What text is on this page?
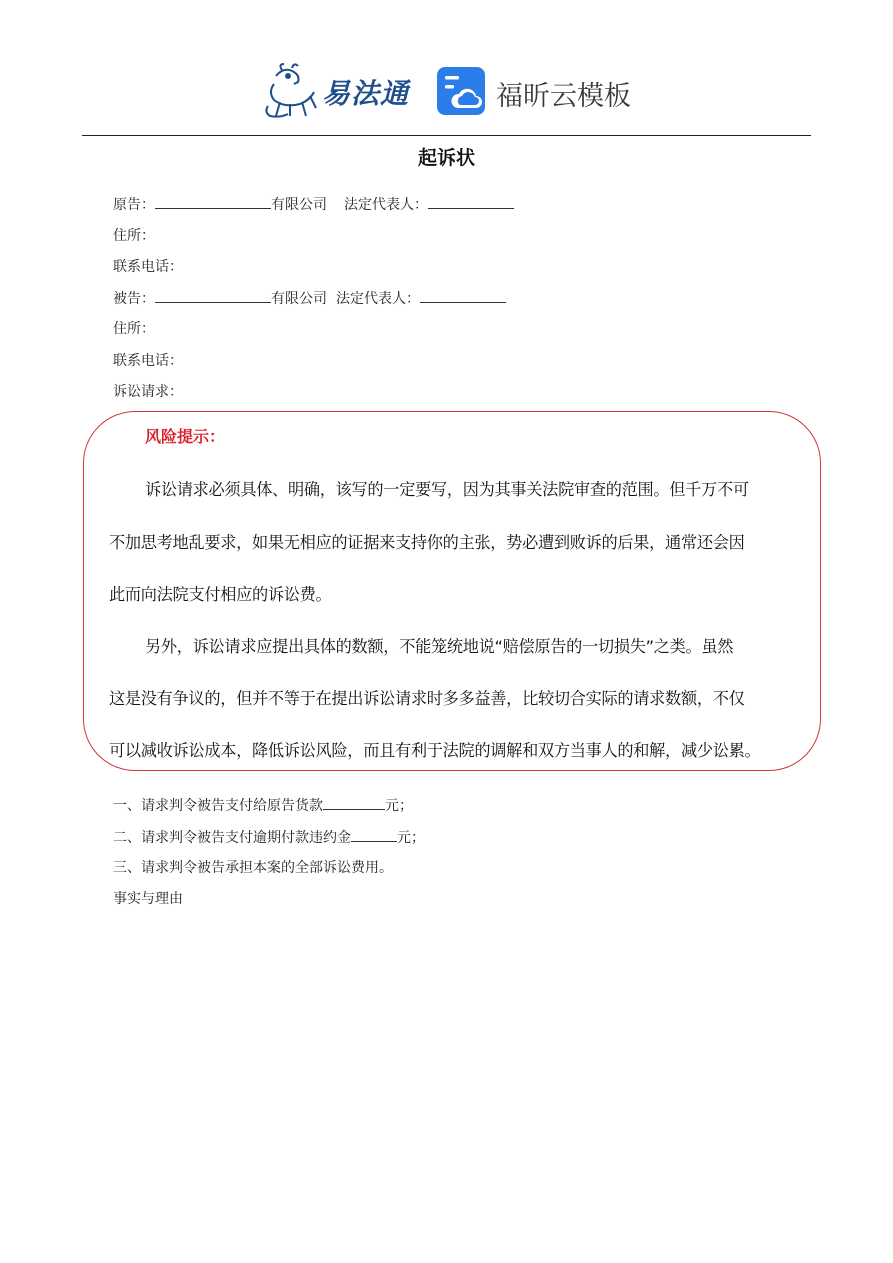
易法通	福昕云模板
起诉状
原告：	有限公司 法定代表人：
住所：
联系电话：
被告：	有限公司 法定代表人：
住所：
联系电话：
诉讼请求：
风险提示：
诉讼请求必须具体、明确，该写的一定要写，因为其事关法院审查的范围。但千万不可
不加思考地乱要求，如果无相应的证据来支持你的主张，势必遭到败诉的后果，通常还会因
此而向法院支付相应的诉讼费。
另外，诉讼请求应提出具体的数额，不能笼统地说“赔偿原告的一切损失”之类。虽然
这是没有争议的，但并不等于在提出诉讼请求时多多益善，比较切合实际的请求数额，不仅
可以减收诉讼成本，降低诉讼风险，而且有利于法院的调解和双方当事人的和解，减少讼累。
一、请求判令被告支付给原告货款	元；
二、请求判令被告支付逾期付款违约金	元；
三、请求判令被告承担本案的全部诉讼费用。
事实与理由
